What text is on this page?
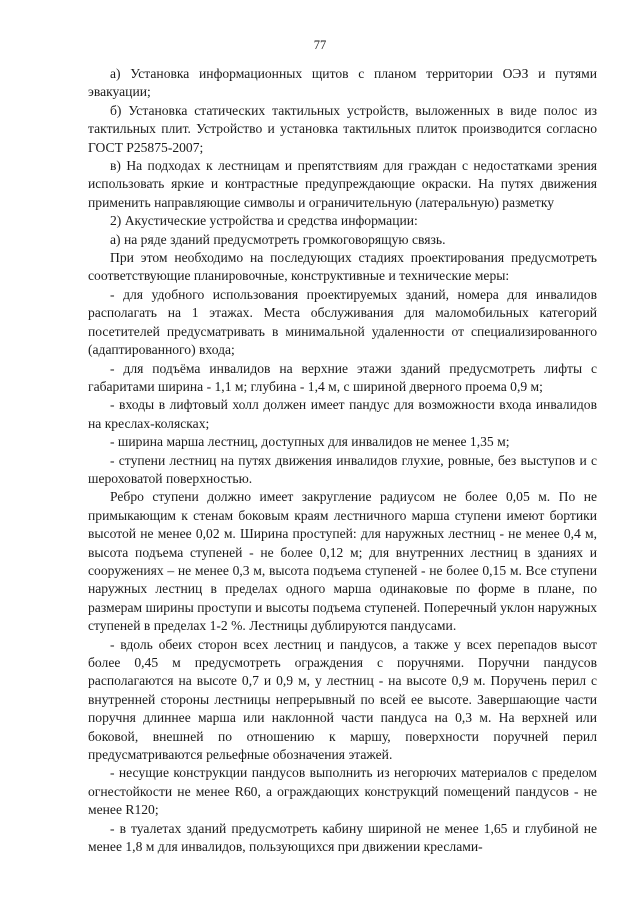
77

а) Установка информационных щитов с планом территории ОЭЗ и путями эвакуации;

б) Установка статических тактильных устройств, выложенных в виде полос из тактильных плит. Устройство и установка тактильных плиток производится согласно ГОСТ Р25875-2007;

в) На подходах к лестницам и препятствиям для граждан с недостатками зрения использовать яркие и контрастные предупреждающие окраски. На путях движения применить направляющие символы и ограничительную (латеральную) разметку

2) Акустические устройства и средства информации:

а) на ряде зданий предусмотреть громкоговорящую связь.

При этом необходимо на последующих стадиях проектирования предусмотреть соответствующие планировочные, конструктивные и технические меры:

- для удобного использования проектируемых зданий, номера для инвалидов располагать на 1 этажах. Места обслуживания для маломобильных категорий посетителей предусматривать в минимальной удаленности от специализированного (адаптированного) входа;

- для подъёма инвалидов на верхние этажи зданий предусмотреть лифты с габаритами ширина - 1,1 м; глубина - 1,4 м, с шириной дверного проема 0,9 м;

- входы в лифтовый холл должен имеет пандус для возможности входа инвалидов на креслах-колясках;

- ширина марша лестниц, доступных для инвалидов не менее 1,35 м;

- ступени лестниц на путях движения инвалидов глухие, ровные, без выступов и с шероховатой поверхностью.

Ребро ступени должно имеет закругление радиусом не более 0,05 м. По не примыкающим к стенам боковым краям лестничного марша ступени имеют бортики высотой не менее 0,02 м. Ширина проступей: для наружных лестниц - не менее 0,4 м, высота подъема ступеней - не более 0,12 м; для внутренних лестниц в зданиях и сооружениях – не менее 0,3 м, высота подъема ступеней - не более 0,15 м. Все ступени наружных лестниц в пределах одного марша одинаковые по форме в плане, по размерам ширины проступи и высоты подъема ступеней. Поперечный уклон наружных ступеней в пределах 1-2 %. Лестницы дублируются пандусами.

- вдоль обеих сторон всех лестниц и пандусов, а также у всех перепадов высот более 0,45 м предусмотреть ограждения с поручнями. Поручни пандусов располагаются на высоте 0,7 и 0,9 м, у лестниц - на высоте 0,9 м. Поручень перил с внутренней стороны лестницы непрерывный по всей ее высоте. Завершающие части поручня длиннее марша или наклонной части пандуса на 0,3 м. На верхней или боковой, внешней по отношению к маршу, поверхности поручней перил предусматриваются рельефные обозначения этажей.

- несущие конструкции пандусов выполнить из негорючих материалов с пределом огнестойкости не менее R60, а ограждающих конструкций помещений пандусов - не менее R120;

- в туалетах зданий предусмотреть кабину шириной не менее 1,65 и глубиной не менее 1,8 м для инвалидов, пользующихся при движении креслами-
